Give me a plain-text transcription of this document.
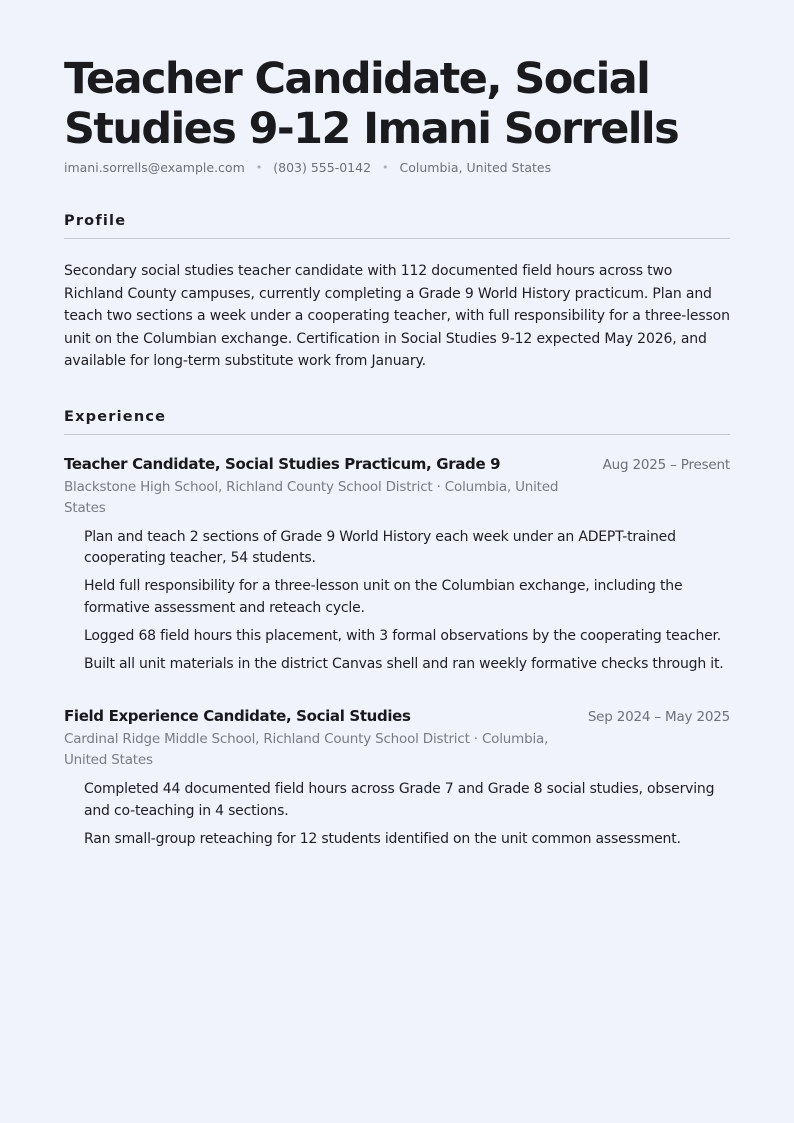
Teacher Candidate, Social Studies 9-12 Imani Sorrells
imani.sorrells@example.com • (803) 555-0142 • Columbia, United States
Profile
Secondary social studies teacher candidate with 112 documented field hours across two Richland County campuses, currently completing a Grade 9 World History practicum. Plan and teach two sections a week under a cooperating teacher, with full responsibility for a three-lesson unit on the Columbian exchange. Certification in Social Studies 9-12 expected May 2026, and available for long-term substitute work from January.
Experience
Teacher Candidate, Social Studies Practicum, Grade 9	Aug 2025 – Present
Blackstone High School, Richland County School District · Columbia, United States
Plan and teach 2 sections of Grade 9 World History each week under an ADEPT-trained cooperating teacher, 54 students.
Held full responsibility for a three-lesson unit on the Columbian exchange, including the formative assessment and reteach cycle.
Logged 68 field hours this placement, with 3 formal observations by the cooperating teacher.
Built all unit materials in the district Canvas shell and ran weekly formative checks through it.
Field Experience Candidate, Social Studies	Sep 2024 – May 2025
Cardinal Ridge Middle School, Richland County School District · Columbia, United States
Completed 44 documented field hours across Grade 7 and Grade 8 social studies, observing and co-teaching in 4 sections.
Ran small-group reteaching for 12 students identified on the unit common assessment.
